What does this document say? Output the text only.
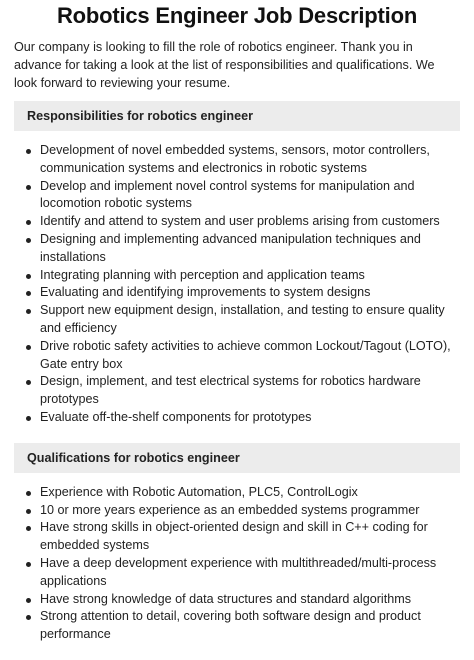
Robotics Engineer Job Description

Our company is looking to fill the role of robotics engineer. Thank you in advance for taking a look at the list of responsibilities and qualifications. We look forward to reviewing your resume.

Responsibilities for robotics engineer
Development of novel embedded systems, sensors, motor controllers, communication systems and electronics in robotic systems
Develop and implement novel control systems for manipulation and locomotion robotic systems
Identify and attend to system and user problems arising from customers
Designing and implementing advanced manipulation techniques and installations
Integrating planning with perception and application teams
Evaluating and identifying improvements to system designs
Support new equipment design, installation, and testing to ensure quality and efficiency
Drive robotic safety activities to achieve common Lockout/Tagout (LOTO), Gate entry box
Design, implement, and test electrical systems for robotics hardware prototypes
Evaluate off-the-shelf components for prototypes
Qualifications for robotics engineer
Experience with Robotic Automation, PLC5, ControlLogix
10 or more years experience as an embedded systems programmer
Have strong skills in object-oriented design and skill in C++ coding for embedded systems
Have a deep development experience with multithreaded/multi-process applications
Have strong knowledge of data structures and standard algorithms
Strong attention to detail, covering both software design and product performance
